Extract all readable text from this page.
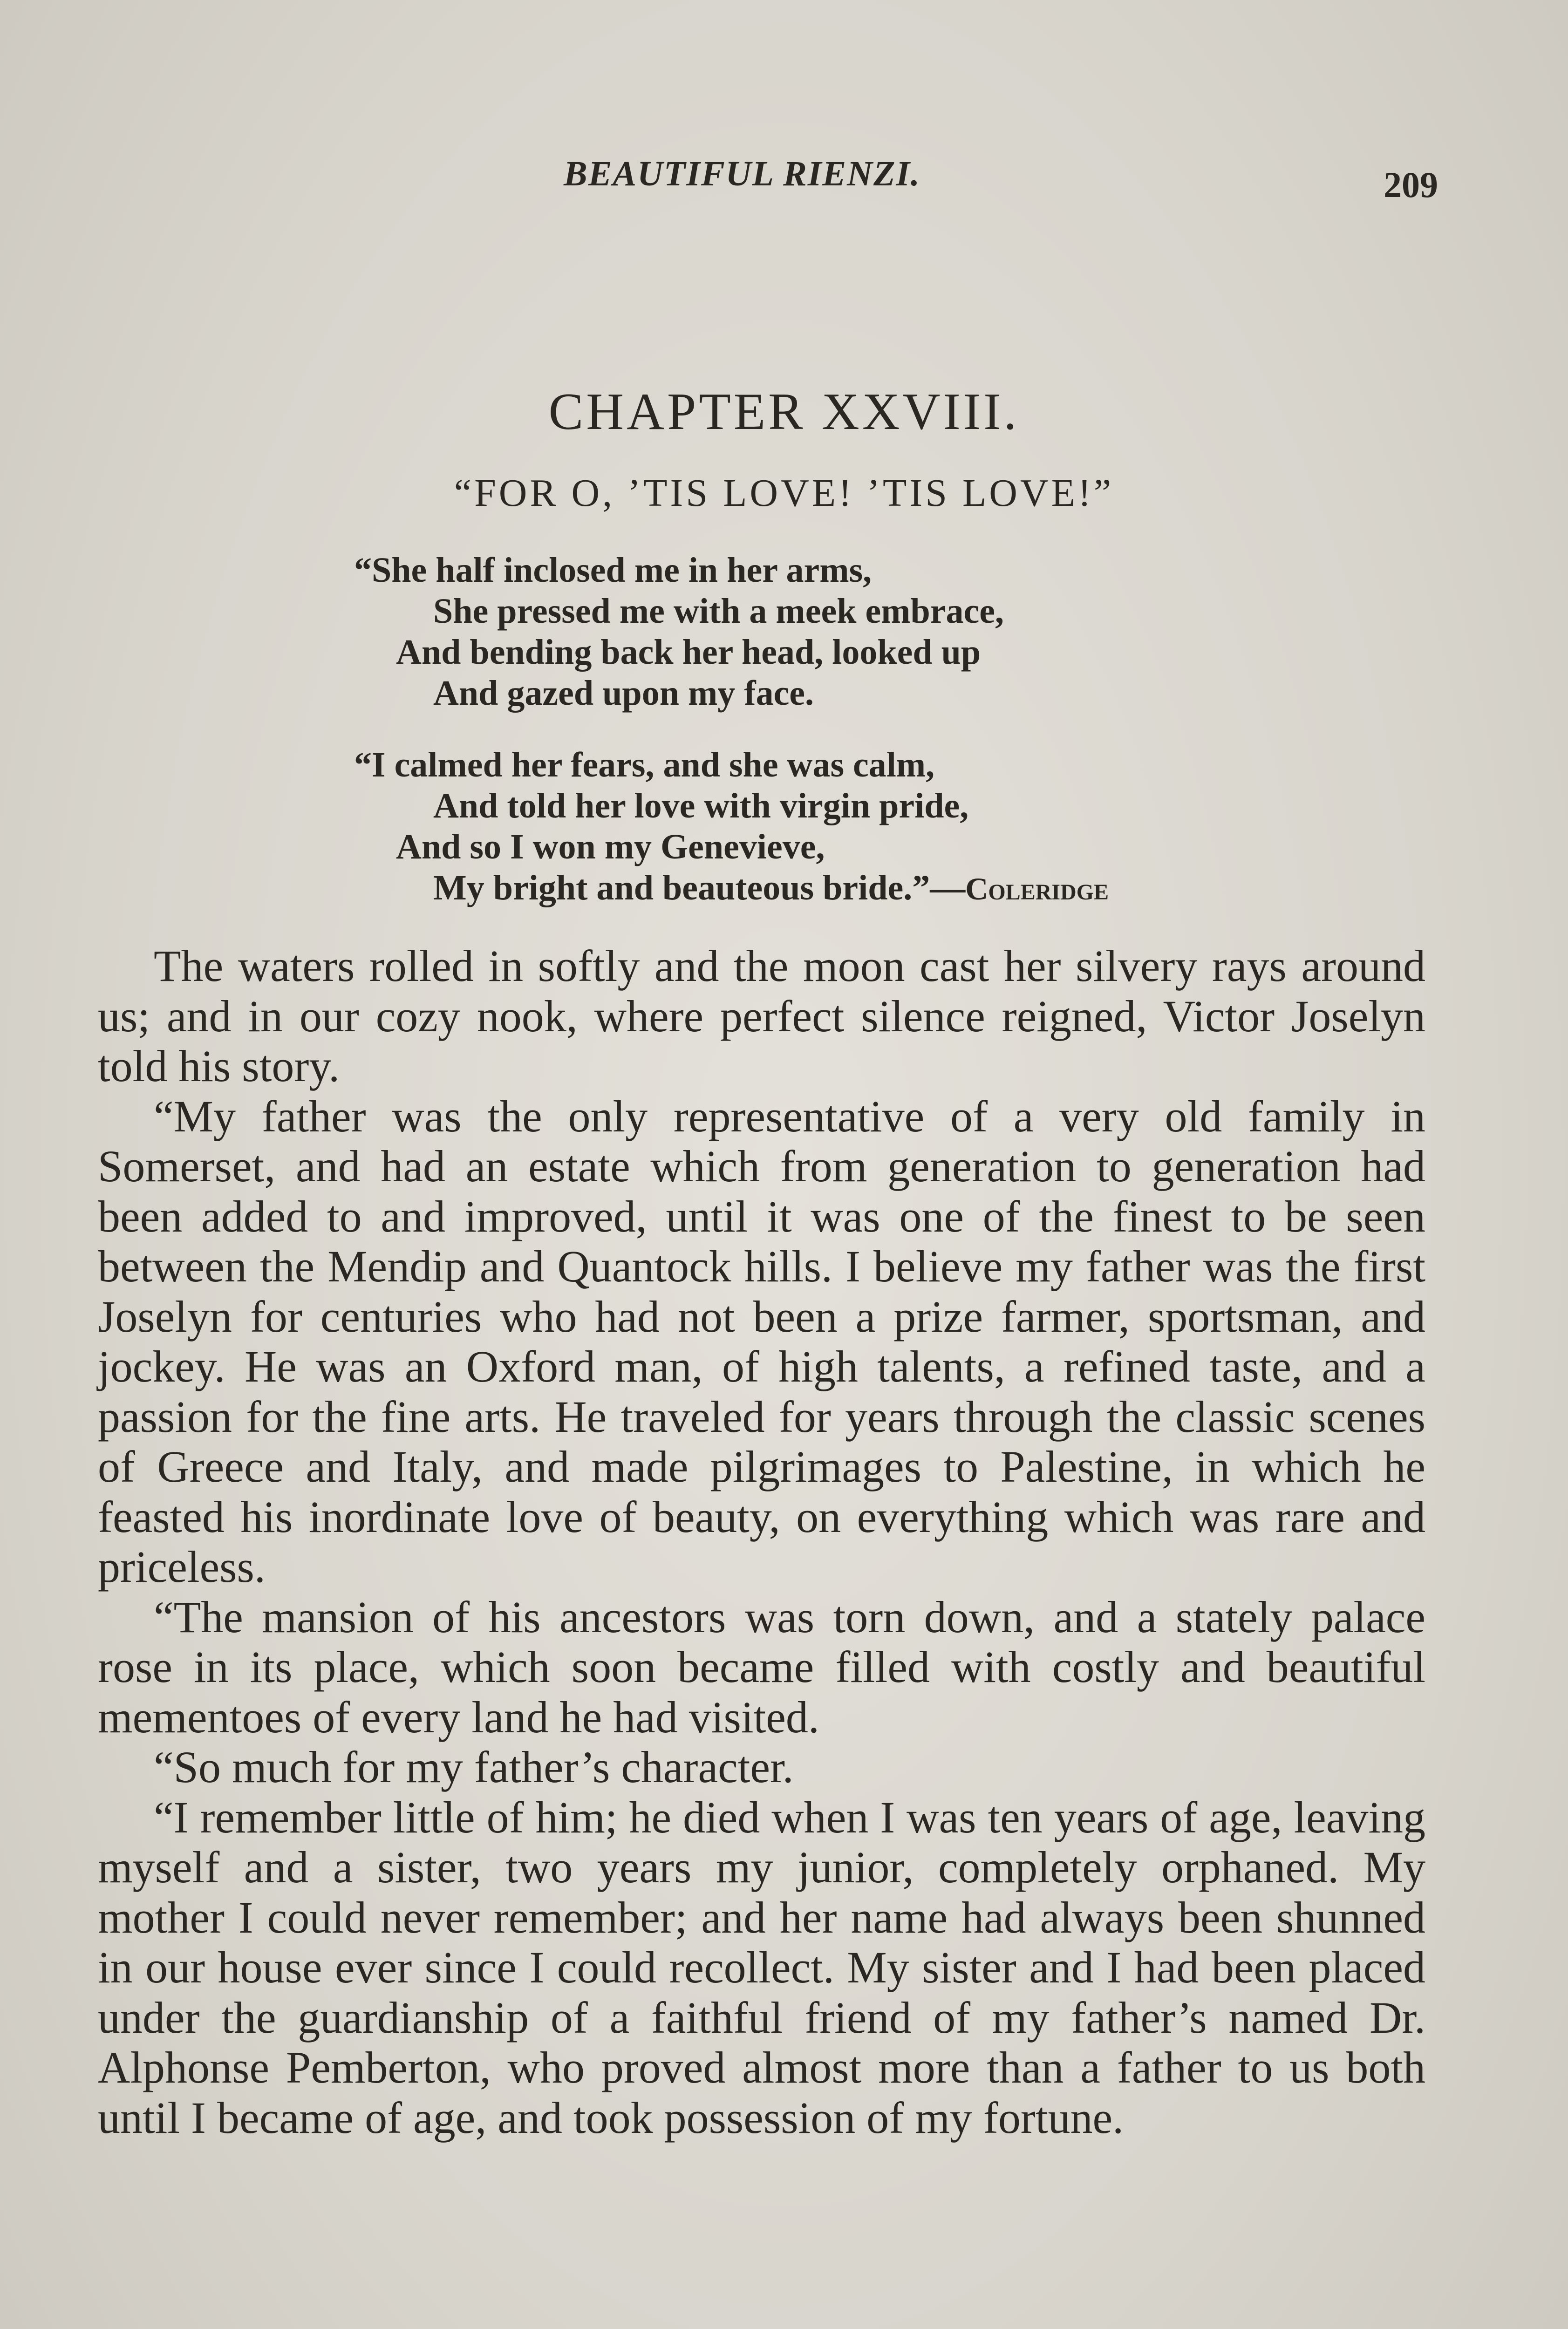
BEAUTIFUL RIENZI.	209
CHAPTER XXVIII.
“FOR O, ’TIS LOVE! ’TIS LOVE!”
“She half inclosed me in her arms,
She pressed me with a meek embrace,
And bending back her head, looked up
And gazed upon my face.
“I calmed her fears, and she was calm,
And told her love with virgin pride,
And so I won my Genevieve,
My bright and beauteous bride.”—Coleridge

The waters rolled in softly and the moon cast her silvery rays around us; and in our cozy nook, where perfect silence reigned, Victor Joselyn told his story.

“My father was the only representative of a very old family in Somerset, and had an estate which from generation to generation had been added to and improved, until it was one of the finest to be seen between the Mendip and Quantock hills. I believe my father was the first Joselyn for centuries who had not been a prize farmer, sportsman, and jockey. He was an Oxford man, of high talents, a refined taste, and a passion for the fine arts. He traveled for years through the classic scenes of Greece and Italy, and made pilgrimages to Palestine, in which he feasted his inordinate love of beauty, on everything which was rare and priceless.

“The mansion of his ancestors was torn down, and a stately palace rose in its place, which soon became filled with costly and beautiful mementoes of every land he had visited.

“So much for my father’s character.

“I remember little of him; he died when I was ten years of age, leaving myself and a sister, two years my junior, completely orphaned. My mother I could never remember; and her name had always been shunned in our house ever since I could recollect. My sister and I had been placed under the guardianship of a faithful friend of my father’s named Dr. Alphonse Pemberton, who proved almost more than a father to us both until I became of age, and took possession of my fortune.
